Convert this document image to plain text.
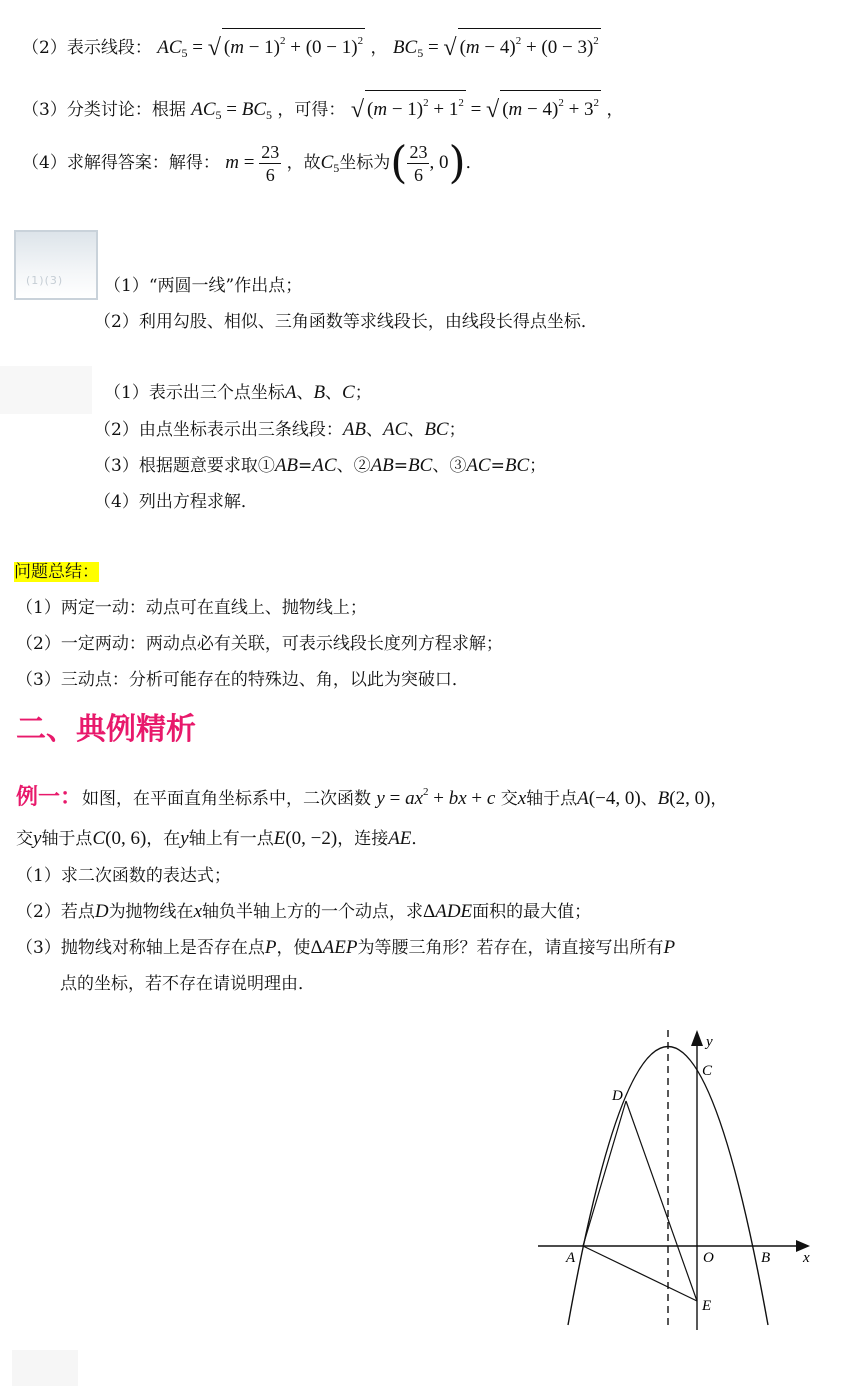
（2）表示线段： $AC_5$ = √ $(m - 1)^2 + (0 - 1)^2$ ， $BC_5$ = √ $(m - 4)^2 + (0 - 3)^2$
（3）分类讨论：根据 $AC_5 = BC_5$ ，可得： √ $(m - 1)^2 + 1^2$ = √ $(m - 4)^2 + 3^2$ ，
（4）求解得答案：解得： $m = \frac{23}{6}$ ，故$C_5$坐标为( $\frac{23}{6}$ , 0)．
(1)(3) （1）“两圆一线”作出点；
（2）利用勾股、相似、三角函数等求线段长，由线段长得点坐标．
（1）表示出三个点坐标A、B、C；
（2）由点坐标表示出三条线段：AB、AC、BC；
（3）根据题意要求取①AB=AC、②AB=BC、③AC=BC；
（4）列出方程求解．
问题总结：
（1）两定一动：动点可在直线上、抛物线上；
（2）一定两动：两动点必有关联，可表示线段长度列方程求解；
（3）三动点：分析可能存在的特殊边、角，以此为突破口．
二、典例精析
例一：如图，在平面直角坐标系中，二次函数 $y = ax^2$ + bx + c 交x轴于点A(−4, 0)、B(2, 0)，
交y轴于点C(0, 6)，在y轴上有一点E(0, −2)，连接AE．
（1）求二次函数的表达式；
（2）若点D为抛物线在x轴负半轴上方的一个动点，求ΔADE面积的最大值；
（3）抛物线对称轴上是否存在点P，使ΔAEP为等腰三角形？若存在，请直接写出所有P
点的坐标，若不存在请说明理由．
y
x
C
D
A	O	B
E
